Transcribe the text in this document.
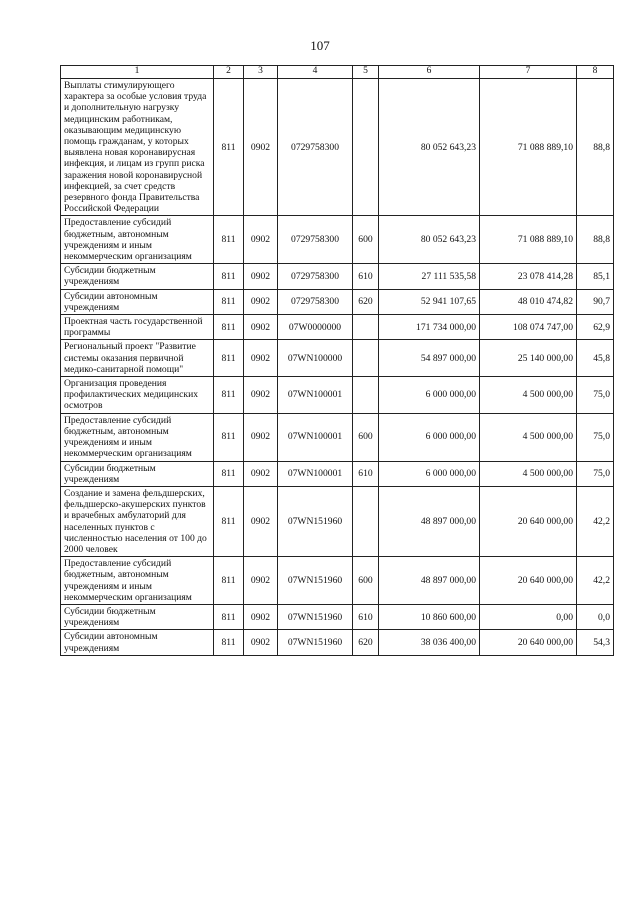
107
1	2	3	4	5	6	7	8
Выплаты стимулирующего характера за особые условия труда и дополнительную нагрузку медицинским работникам, оказывающим медицинскую помощь гражданам, у которых выявлена новая коронавирусная инфекция, и лицам из групп риска заражения новой коронавирусной инфекцией, за счет средств резервного фонда Правительства Российской Федерации	811	0902	0729758300		80 052 643,23	71 088 889,10	88,8
Предоставление субсидий бюджетным, автономным учреждениям и иным некоммерческим организациям	811	0902	0729758300	600	80 052 643,23	71 088 889,10	88,8
Субсидии бюджетным учреждениям	811	0902	0729758300	610	27 111 535,58	23 078 414,28	85,1
Субсидии автономным учреждениям	811	0902	0729758300	620	52 941 107,65	48 010 474,82	90,7
Проектная часть государственной программы	811	0902	07W0000000		171 734 000,00	108 074 747,00	62,9
Региональный проект "Развитие системы оказания первичной медико-санитарной помощи"	811	0902	07WN100000		54 897 000,00	25 140 000,00	45,8
Организация проведения профилактических медицинских осмотров	811	0902	07WN100001		6 000 000,00	4 500 000,00	75,0
Предоставление субсидий бюджетным, автономным учреждениям и иным некоммерческим организациям	811	0902	07WN100001	600	6 000 000,00	4 500 000,00	75,0
Субсидии бюджетным учреждениям	811	0902	07WN100001	610	6 000 000,00	4 500 000,00	75,0
Создание и замена фельдшерских, фельдшерско-акушерских пунктов и врачебных амбулаторий для населенных пунктов с численностью населения от 100 до 2000 человек	811	0902	07WN151960		48 897 000,00	20 640 000,00	42,2
Предоставление субсидий бюджетным, автономным учреждениям и иным некоммерческим организациям	811	0902	07WN151960	600	48 897 000,00	20 640 000,00	42,2
Субсидии бюджетным учреждениям	811	0902	07WN151960	610	10 860 600,00	0,00	0,0
Субсидии автономным учреждениям	811	0902	07WN151960	620	38 036 400,00	20 640 000,00	54,3
